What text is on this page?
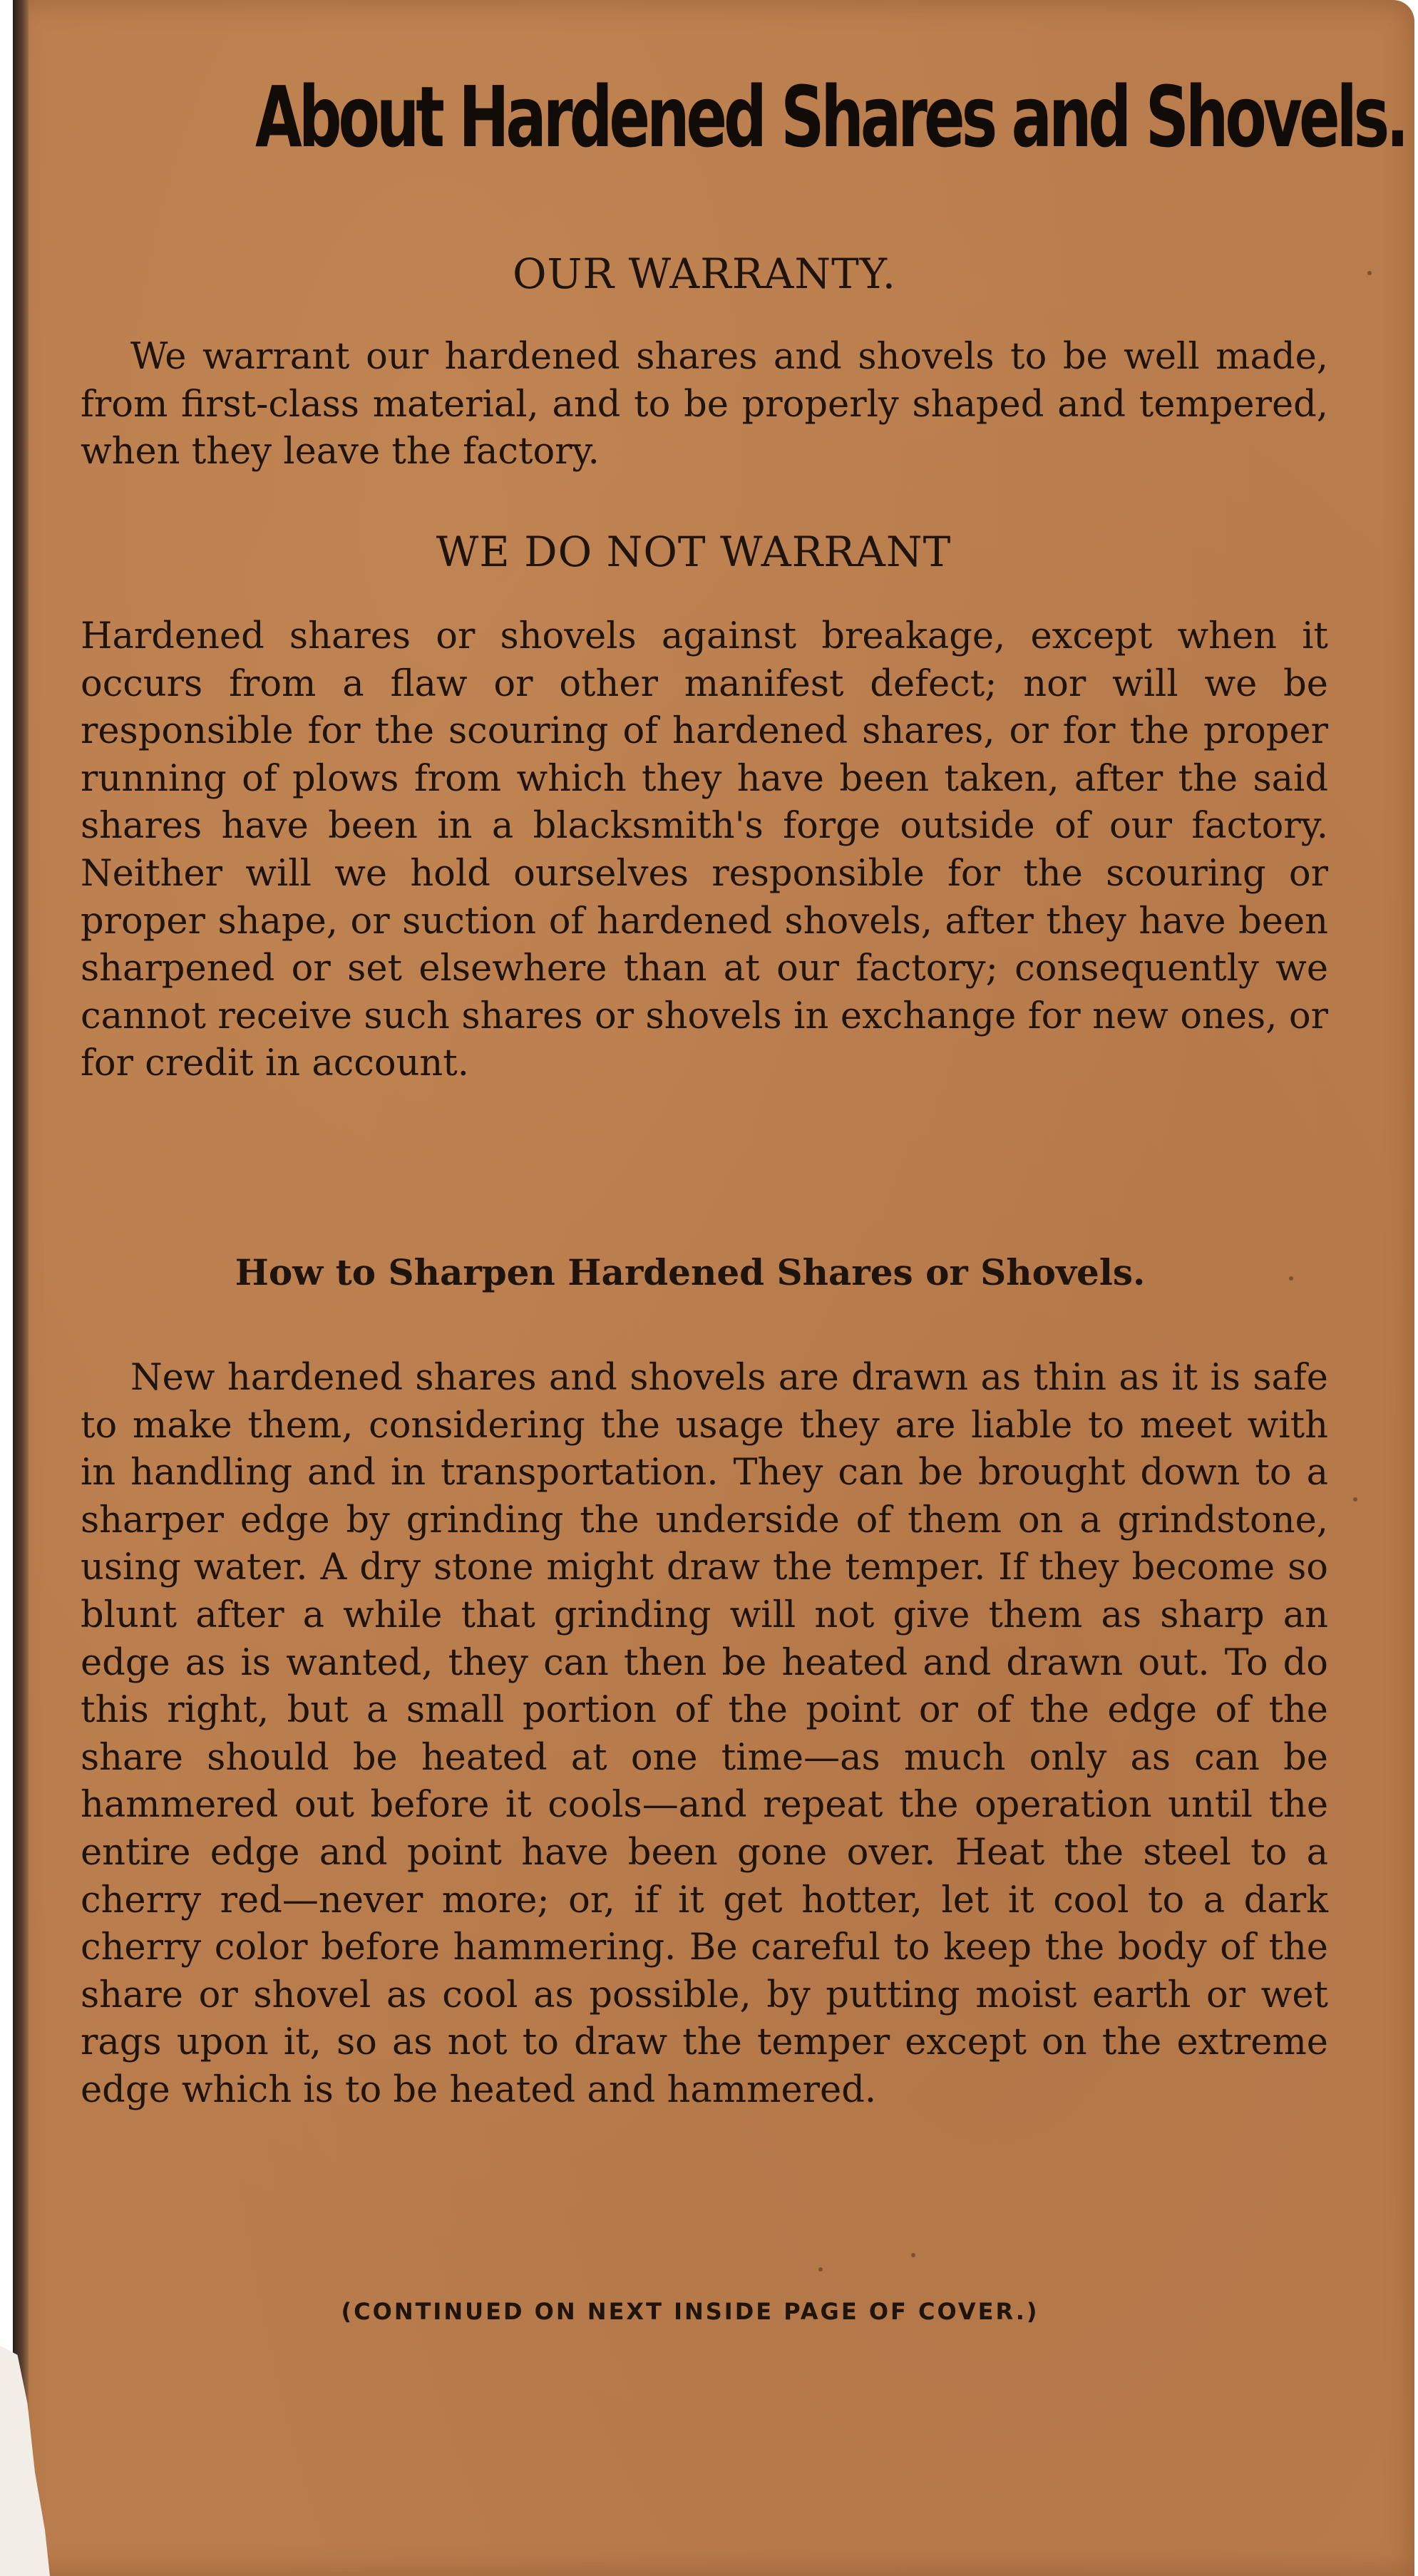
About Hardened Shares and Shovels.

OUR WARRANTY.

We warrant our hardened shares and shovels to be well made, from first-class material, and to be properly shaped and tempered, when they leave the factory.

WE DO NOT WARRANT

Hardened shares or shovels against breakage, except when it occurs from a flaw or other manifest defect; nor will we be responsible for the scouring of hardened shares, or for the proper running of plows from which they have been taken, after the said shares have been in a blacksmith's forge outside of our factory. Neither will we hold ourselves responsible for the scouring or proper shape, or suction of hardened shovels, after they have been sharpened or set elsewhere than at our factory; consequently we cannot receive such shares or shovels in exchange for new ones, or for credit in account.

How to Sharpen Hardened Shares or Shovels.

New hardened shares and shovels are drawn as thin as it is safe to make them, considering the usage they are liable to meet with in handling and in transportation. They can be brought down to a sharper edge by grinding the underside of them on a grindstone, using water. A dry stone might draw the temper. If they become so blunt after a while that grinding will not give them as sharp an edge as is wanted, they can then be heated and drawn out. To do this right, but a small portion of the point or of the edge of the share should be heated at one time—as much only as can be hammered out before it cools—and repeat the operation until the entire edge and point have been gone over. Heat the steel to a cherry red—never more; or, if it get hotter, let it cool to a dark cherry color before hammering. Be careful to keep the body of the share or shovel as cool as possible, by putting moist earth or wet rags upon it, so as not to draw the temper except on the extreme edge which is to be heated and hammered.

(CONTINUED ON NEXT INSIDE PAGE OF COVER.)
